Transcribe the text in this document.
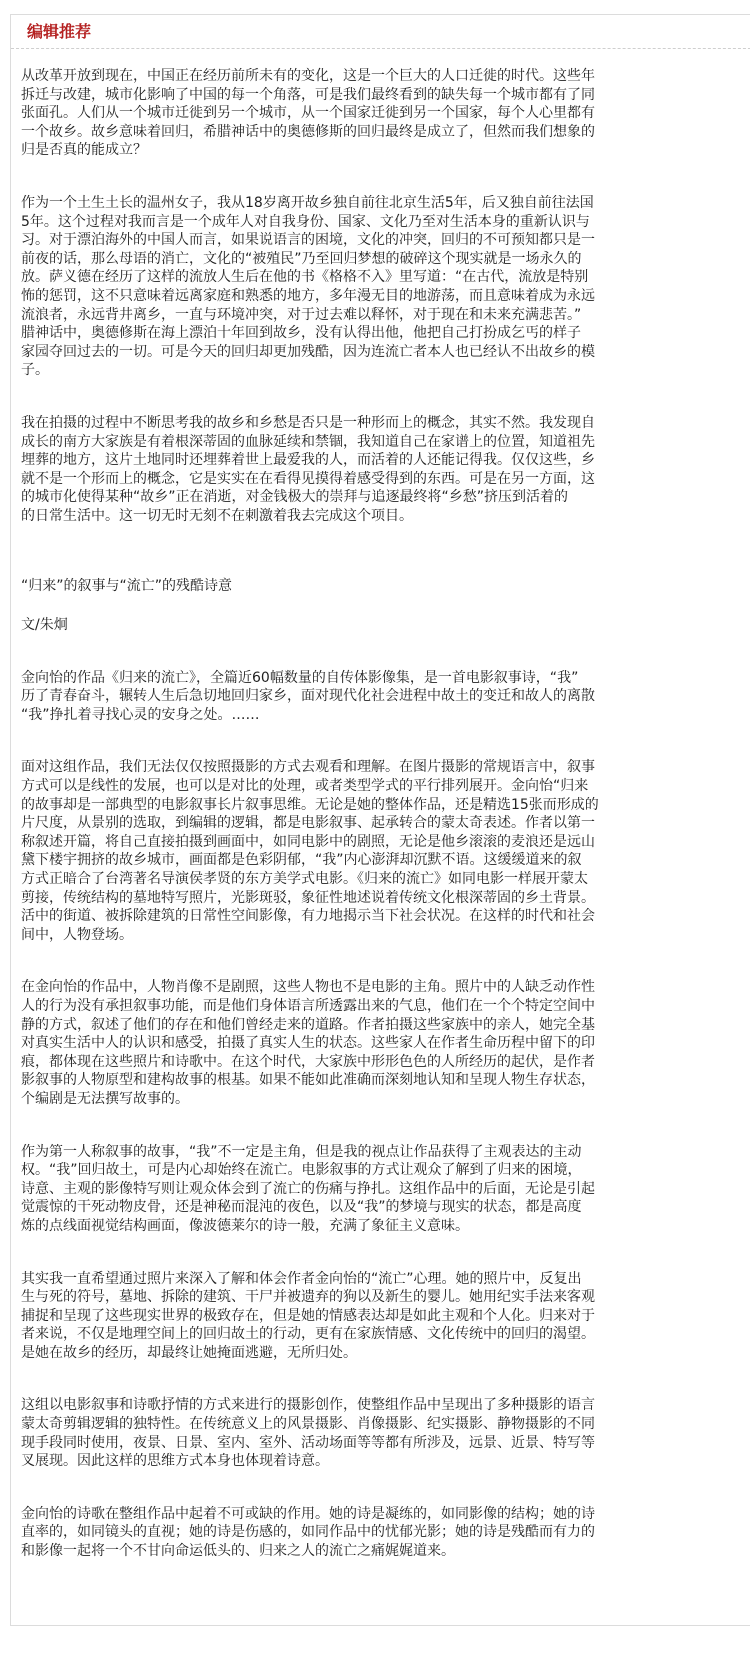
编辑推荐

从改革开放到现在，中国正在经历前所未有的变化，这是一个巨大的人口迁徙的时代。这些年
拆迁与改建，城市化影响了中国的每一个角落，可是我们最终看到的缺失每一个城市都有了同
张面孔。人们从一个城市迁徙到另一个城市，从一个国家迁徙到另一个国家，每个人心里都有
一个故乡。故乡意味着回归，希腊神话中的奥德修斯的回归最终是成立了，但然而我们想象的
归是否真的能成立？

作为一个土生土长的温州女子，我从18岁离开故乡独自前往北京生活5年，后又独自前往法国
5年。这个过程对我而言是一个成年人对自我身份、国家、文化乃至对生活本身的重新认识与
习。对于漂泊海外的中国人而言，如果说语言的困境，文化的冲突，回归的不可预知都只是一
前夜的话，那么母语的消亡，文化的“被殖民”乃至回归梦想的破碎这个现实就是一场永久的
放。萨义德在经历了这样的流放人生后在他的书《格格不入》里写道：“在古代，流放是特别
怖的惩罚，这不只意味着远离家庭和熟悉的地方，多年漫无目的地游荡，而且意味着成为永远
流浪者，永远背井离乡，一直与环境冲突，对于过去难以释怀，对于现在和未来充满悲苦。”
腊神话中，奥德修斯在海上漂泊十年回到故乡，没有认得出他，他把自己打扮成乞丐的样子
家园夺回过去的一切。可是今天的回归却更加残酷，因为连流亡者本人也已经认不出故乡的模
子。

我在拍摄的过程中不断思考我的故乡和乡愁是否只是一种形而上的概念，其实不然。我发现自
成长的南方大家族是有着根深蒂固的血脉延续和禁锢，我知道自己在家谱上的位置，知道祖先
埋葬的地方，这片土地同时还埋葬着世上最爱我的人，而活着的人还能记得我。仅仅这些，乡
就不是一个形而上的概念，它是实实在在看得见摸得着感受得到的东西。可是在另一方面，这
的城市化使得某种“故乡”正在消逝，对金钱极大的崇拜与追逐最终将“乡愁”挤压到活着的
的日常生活中。这一切无时无刻不在刺激着我去完成这个项目。

“归来”的叙事与“流亡”的残酷诗意

文/朱炯

金向怡的作品《归来的流亡》，全篇近60幅数量的自传体影像集，是一首电影叙事诗，“我”
历了青春奋斗，辗转人生后急切地回归家乡，面对现代化社会进程中故土的变迁和故人的离散
“我”挣扎着寻找心灵的安身之处。……

面对这组作品，我们无法仅仅按照摄影的方式去观看和理解。在图片摄影的常规语言中，叙事
方式可以是线性的发展，也可以是对比的处理，或者类型学式的平行排列展开。金向怡“归来
的故事却是一部典型的电影叙事长片叙事思维。无论是她的整体作品，还是精选15张而形成的
片尺度，从景别的选取，到编辑的逻辑，都是电影叙事、起承转合的蒙太奇表述。作者以第一
称叙述开篇，将自己直接拍摄到画面中，如同电影中的剧照，无论是他乡滚滚的麦浪还是远山
黛下楼宇拥挤的故乡城市，画面都是色彩阴郁，“我”内心澎湃却沉默不语。这缓缓道来的叙
方式正暗合了台湾著名导演侯孝贤的东方美学式电影。《归来的流亡》如同电影一样展开蒙太
剪接，传统结构的墓地特写照片，光影斑驳，象征性地述说着传统文化根深蒂固的乡土背景。
活中的街道、被拆除建筑的日常性空间影像，有力地揭示当下社会状况。在这样的时代和社会
间中，人物登场。

在金向怡的作品中，人物肖像不是剧照，这些人物也不是电影的主角。照片中的人缺乏动作性
人的行为没有承担叙事功能，而是他们身体语言所透露出来的气息，他们在一个个特定空间中
静的方式，叙述了他们的存在和他们曾经走来的道路。作者拍摄这些家族中的亲人，她完全基
对真实生活中人的认识和感受，拍摄了真实人生的状态。这些家人在作者生命历程中留下的印
痕，都体现在这些照片和诗歌中。在这个时代，大家族中形形色色的人所经历的起伏，是作者
影叙事的人物原型和建构故事的根基。如果不能如此准确而深刻地认知和呈现人物生存状态，
个编剧是无法撰写故事的。

作为第一人称叙事的故事，“我”不一定是主角，但是我的视点让作品获得了主观表达的主动
权。“我”回归故土，可是内心却始终在流亡。电影叙事的方式让观众了解到了归来的困境，
诗意、主观的影像特写则让观众体会到了流亡的伤痛与挣扎。这组作品中的后面，无论是引起
觉震惊的干死动物皮骨，还是神秘而混沌的夜色，以及“我”的梦境与现实的状态，都是高度
炼的点线面视觉结构画面，像波德莱尔的诗一般，充满了象征主义意味。

其实我一直希望通过照片来深入了解和体会作者金向怡的“流亡”心理。她的照片中，反复出
生与死的符号，墓地、拆除的建筑、干尸并被遗弃的狗以及新生的婴儿。她用纪实手法来客观
捕捉和呈现了这些现实世界的极致存在，但是她的情感表达却是如此主观和个人化。归来对于
者来说，不仅是地理空间上的回归故土的行动，更有在家族情感、文化传统中的回归的渴望。
是她在故乡的经历，却最终让她掩面逃避，无所归处。

这组以电影叙事和诗歌抒情的方式来进行的摄影创作，使整组作品中呈现出了多种摄影的语言
蒙太奇剪辑逻辑的独特性。在传统意义上的风景摄影、肖像摄影、纪实摄影、静物摄影的不同
现手段同时使用，夜景、日景、室内、室外、活动场面等等都有所涉及，远景、近景、特写等
叉展现。因此这样的思维方式本身也体现着诗意。

金向怡的诗歌在整组作品中起着不可或缺的作用。她的诗是凝练的，如同影像的结构；她的诗
直率的，如同镜头的直视；她的诗是伤感的，如同作品中的忧郁光影；她的诗是残酷而有力的
和影像一起将一个不甘向命运低头的、归来之人的流亡之痛娓娓道来。
